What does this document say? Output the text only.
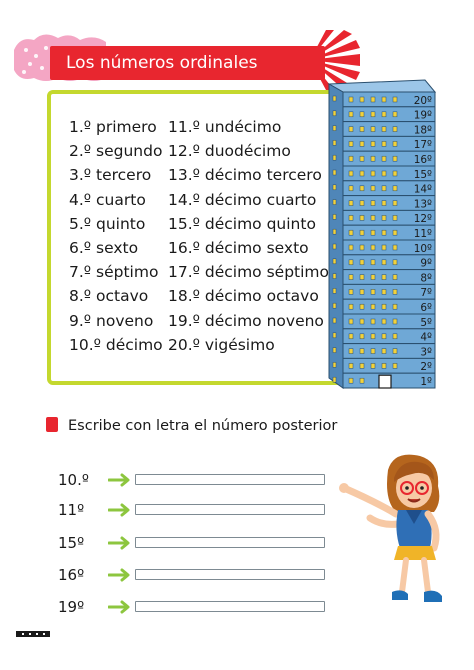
Los números ordinales
1.º primero
2.º segundo
3.º tercero
4.º cuarto
5.º quinto
6.º sexto
7.º séptimo
8.º octavo
9.º noveno
10.º décimo
11.º undécimo
12.º duodécimo
13.º décimo tercero
14.º décimo cuarto
15.º décimo quinto
16.º décimo sexto
17.º décimo séptimo
18.º décimo octavo
19.º décimo noveno
20.º vigésimo
20º
19º
18º
17º
16º
15º
14º
13º
12º
11º
10º
9º
8º
7º
6º
5º
4º
3º
2º
1º
Escribe con letra el número posterior
10.º
11º
15º
16º
19º
